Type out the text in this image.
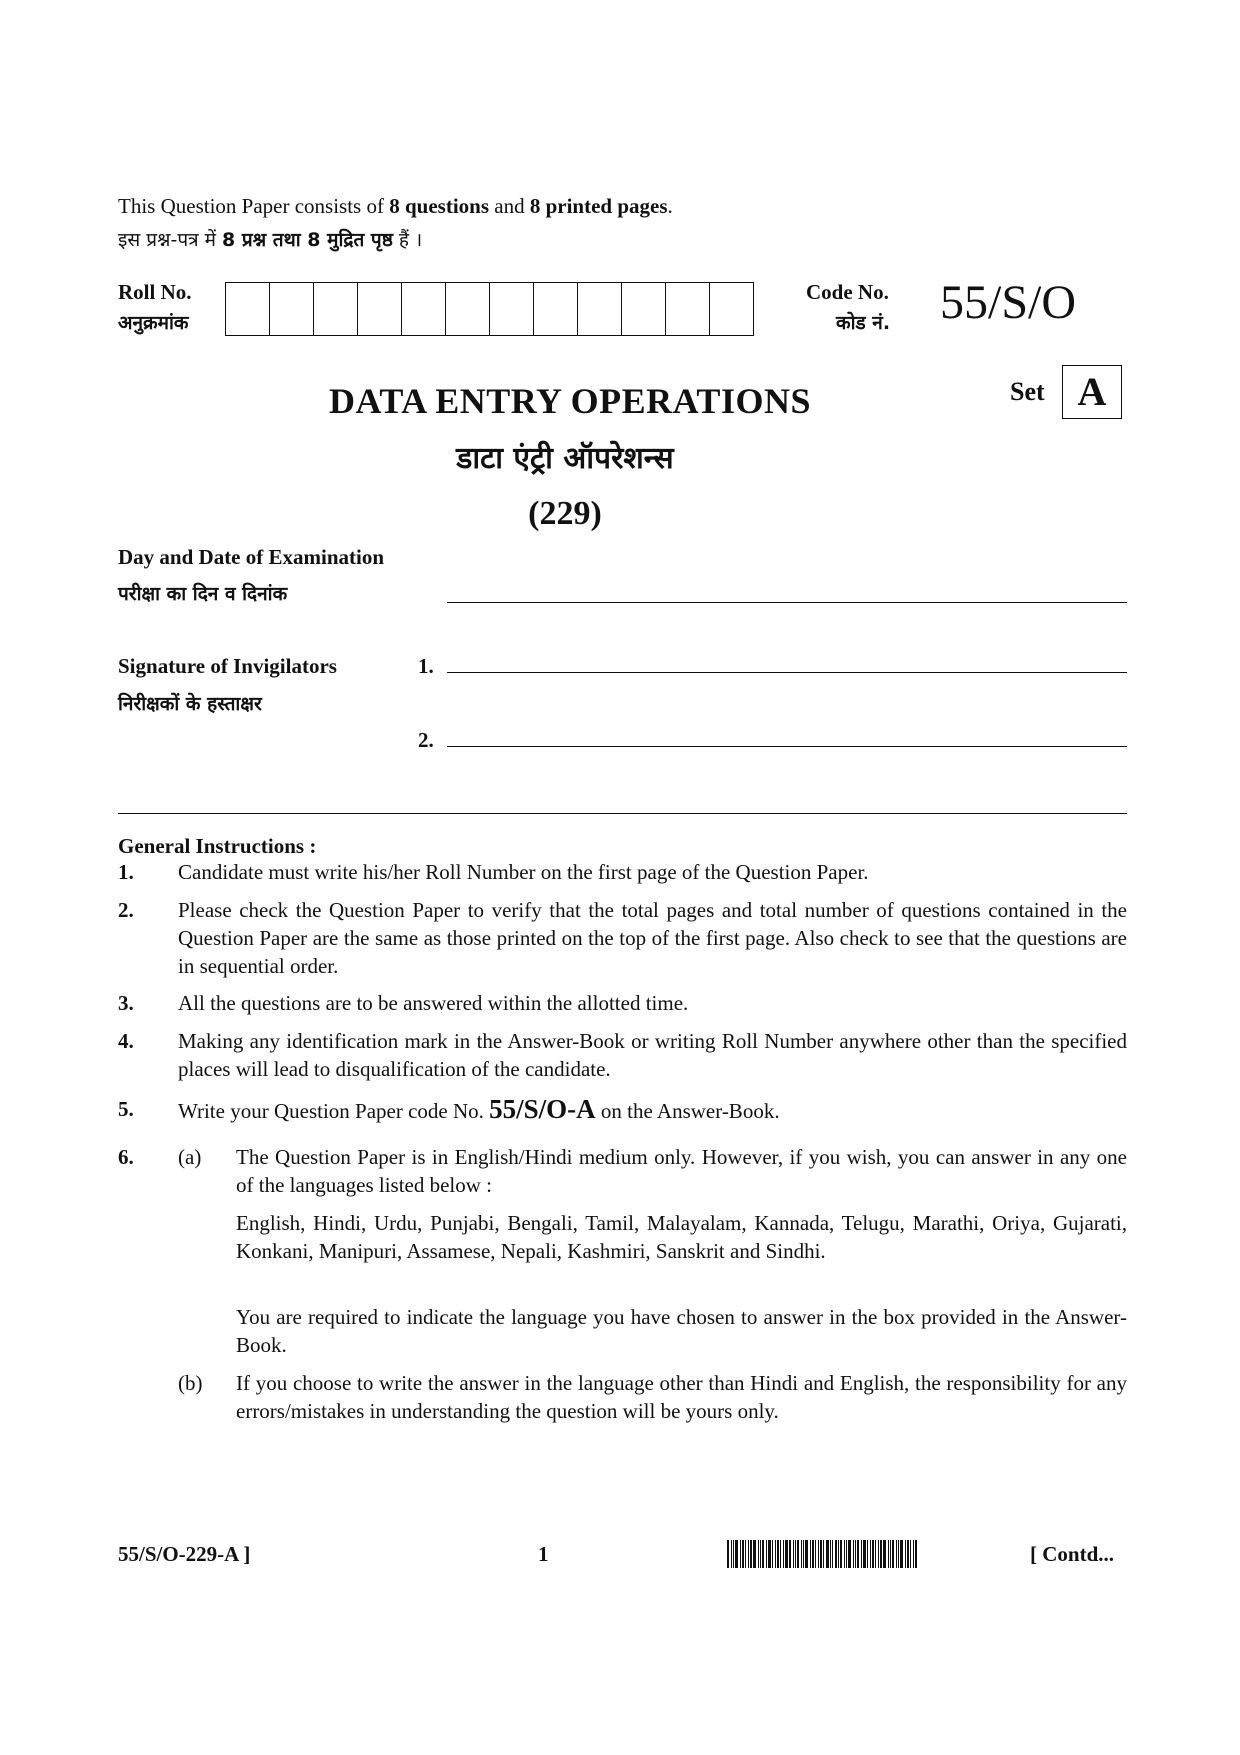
This Question Paper consists of 8 questions and 8 printed pages.
इस प्रश्न-पत्र में 8 प्रश्न तथा 8 मुद्रित पृष्ठ हैं ।
Roll No.
अनुक्रमांक
Code No.
कोड नं. 55/S/O
DATA ENTRY OPERATIONS
डाटा एंट्री ऑपरेशन्स
(229)
Set A
Day and Date of Examination
परीक्षा का दिन व दिनांक
Signature of Invigilators
निरीक्षकों के हस्ताक्षर
1.
2.
General Instructions :
1. Candidate must write his/her Roll Number on the first page of the Question Paper.
2. Please check the Question Paper to verify that the total pages and total number of questions contained in the Question Paper are the same as those printed on the top of the first page. Also check to see that the questions are in sequential order.
3. All the questions are to be answered within the allotted time.
4. Making any identification mark in the Answer-Book or writing Roll Number anywhere other than the specified places will lead to disqualification of the candidate.
5. Write your Question Paper code No. 55/S/O-A on the Answer-Book.
6. (a) The Question Paper is in English/Hindi medium only. However, if you wish, you can answer in any one of the languages listed below :
English, Hindi, Urdu, Punjabi, Bengali, Tamil, Malayalam, Kannada, Telugu, Marathi, Oriya, Gujarati, Konkani, Manipuri, Assamese, Nepali, Kashmiri, Sanskrit and Sindhi.
You are required to indicate the language you have chosen to answer in the box provided in the Answer-Book.
(b) If you choose to write the answer in the language other than Hindi and English, the responsibility for any errors/mistakes in understanding the question will be yours only.
55/S/O-229-A ]	1	[ Contd...
